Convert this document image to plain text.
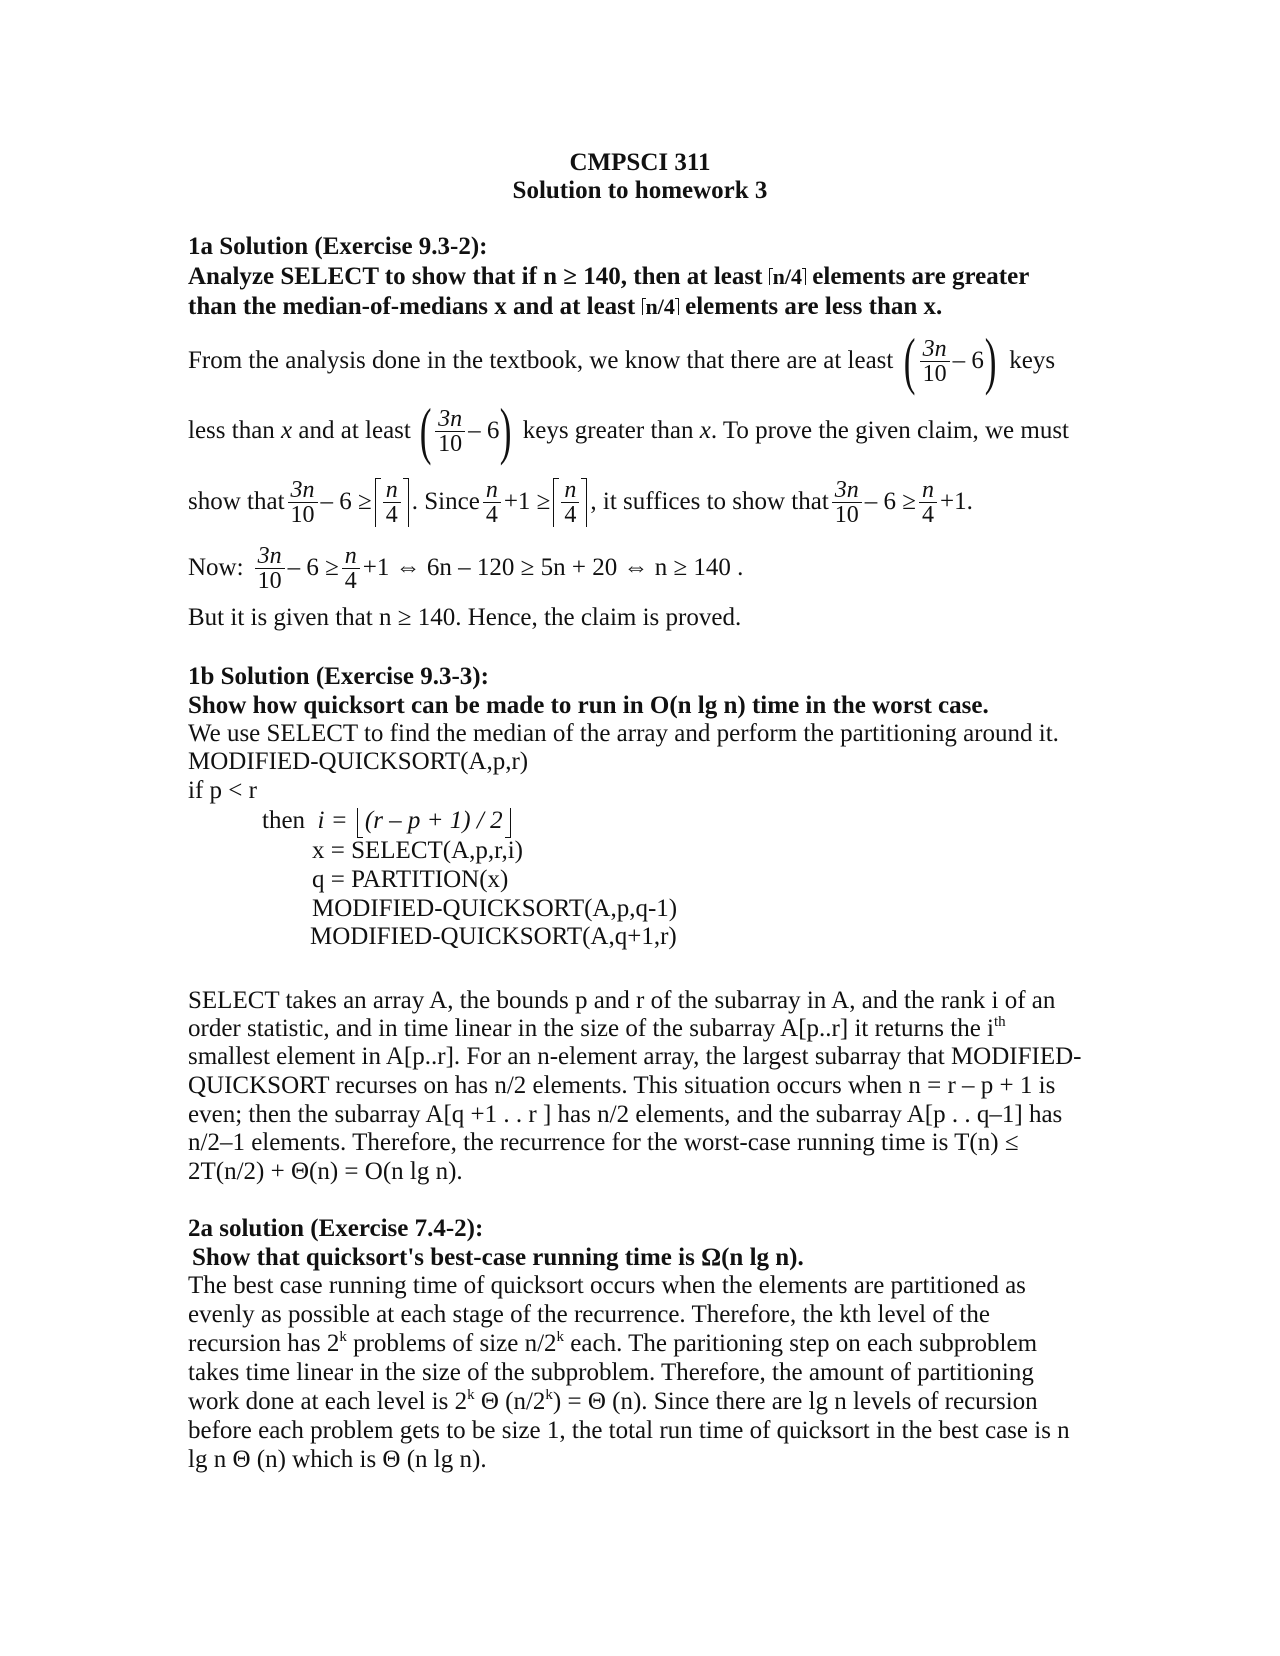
CMPSCI 311
Solution to homework 3
1a Solution (Exercise 9.3-2):
Analyze SELECT to show that if n ≥ 140, then at least n/4 elements are greater
than the median-of-medians x and at least n/4 elements are less than x.
From the analysis done in the textbook, we know that there are at least ( $\frac{3n}{10} - 6$ ) keys
less than
x
and at least ( $\frac{3n}{10} - 6$ ) keys greater than
x . To prove the given claim, we must
show that $\frac{3n}{10} - 6 \ge \frac{n}{4}$ . Since $\frac{n}{4} +1 \ge \frac{n}{4}$ , it suffices to show that $\frac{3n}{10} - 6 \ge \frac{n}{4} +1$.
Now: $\frac{3n}{10} - 6 \ge \frac{n}{4} +1$ ⇔ 6n – 120 ≥ 5n + 20 ⇔ n ≥ 140 .
But it is given that n ≥ 140. Hence, the claim is proved.
1b Solution (Exercise 9.3-3):
Show how quicksort can be made to run in O(n lg n) time in the worst case.
We use SELECT to find the median of the array and perform the partitioning around it.
MODIFIED-QUICKSORT(A,p,r)
if p < r
then i = (r – p + 1) / 2
x = SELECT(A,p,r,i)
q = PARTITION(x)
MODIFIED-QUICKSORT(A,p,q-1)
MODIFIED-QUICKSORT(A,q+1,r)
SELECT takes an array A, the bounds p and r of the subarray in A, and the rank i of an
order statistic, and in time linear in the size of the subarray A[p..r] it returns the $i^{th}$
smallest element in A[p..r]. For an n-element array, the largest subarray that MODIFIED-
QUICKSORT recurses on has n/2 elements. This situation occurs when n = r – p + 1 is
even; then the subarray A[q +1 . . r ] has n/2 elements, and the subarray A[p . . q–1] has
n/2–1 elements. Therefore, the recurrence for the worst-case running time is T(n) ≤
2T(n/2) + Θ(n) = O(n lg n).
2a solution (Exercise 7.4-2):
Show that quicksort's best-case running time is Ω(n lg n).
The best case running time of quicksort occurs when the elements are partitioned as
evenly as possible at each stage of the recurrence. Therefore, the kth level of the
recursion has 2$^k$ problems of size n/2$^k$ each. The paritioning step on each subproblem
takes time linear in the size of the subproblem. Therefore, the amount of partitioning
work done at each level is 2$^k$ Θ $(n/2^k) = \Theta$ (n). Since there are lg n levels of recursion
before each problem gets to be size 1, the total run time of quicksort in the best case is n
lg n Θ (n) which is Θ (n lg n).
